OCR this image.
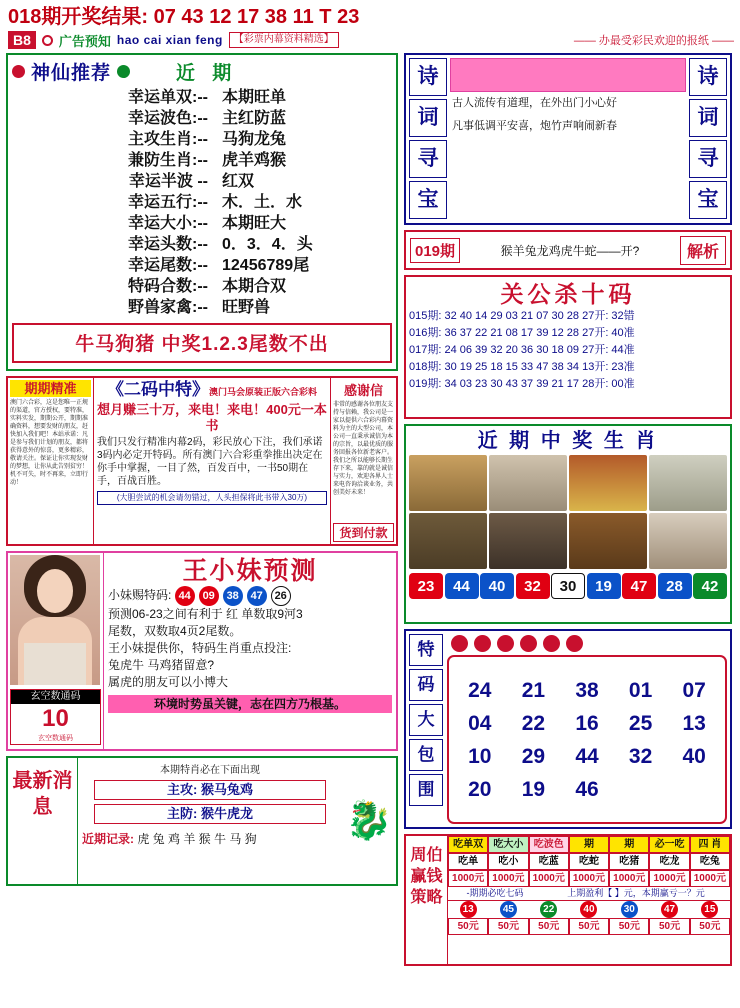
018期开奖结果: 07 43 12 17 38 11 T 23
B8	广告预知 hao cai xian feng	【彩票内幕资料精选】	—— 办最受彩民欢迎的报纸 ——
神仙推荐	近 期
幸运单双:-- 本期旺单
幸运波色:-- 主红防蓝
主攻生肖:-- 马狗龙兔
兼防生肖:-- 虎羊鸡猴
幸运半波 -- 红双
幸运五行:-- 木．土．水
幸运大小:-- 本期旺大
幸运头数:-- 0．3．4．头
幸运尾数:-- 12456789尾
特码合数:-- 本期合双
野兽家禽:-- 旺野兽
牛马狗猪 中奖1.2.3尾数不出
期期精准
澳门六合彩，这是您唯一正规的渠道，官方授权，要特准，实料实发，期期公开，期期准确资料，想要发财的朋友，赶快加入我们吧！本站承诺：凡是参与我们计划的朋友，都将获得意外的惊喜，更多精彩，敬请关注。保证让你实现发财的梦想，让你从此告别贫穷！机不可失，时不再来，立即行动！
《二码中特》澳门马会原装正版六合彩料
想月赚三十万，来电！来电！400元一本书
我们只发行精准内幕2码，彩民放心下注，我们承诺3码内必定开特码。所有澳门六合彩重拳推出决定在你手中掌握，一目了然，百发百中，一书50期在手，百战百胜。
(大胆尝试的机会请勿错过，人头担保将此书带入30万)
感谢信
非常的感谢各位朋友支持与信赖，我公司是一家以提供六合彩内幕资料为主的大型公司，本公司一直秉承诚信为本的宗旨，以最优质的服务回报各位新老客户。我们之所以能够长期生存下来，靠的就是诚信与实力，欢迎各界人士来电咨询洽谈业务，共创美好未来！
货到付款
玄空数通码
10
玄空数通码
王小妹预测
小妹赐特码: 44	09	38	47	26
预测06-23之间有利于 红 单数取9河3
尾数，双数取4页2尾数。
王小妹提供你，特码生肖重点投注:
兔虎牛 马鸡猪留意?
属虎的朋友可以小博大
环境时势虽关键，志在四方乃根基。
最新消息
本期特肖必在下面出现
主攻: 猴马兔鸡
主防: 猴牛虎龙
近期记录: 虎 兔 鸡 羊 猴 牛 马 狗	🐉
诗
词
寻
宝
古人流传有道理，在外出门小心好
凡事低调平安喜，炮竹声响闹新春
诗
词
寻
宝
019期	猴羊兔龙鸡虎牛蛇——开?	解析
关公杀十码
015期: 32 40 14 29 03 21 07 30 28 27开: 32错
016期: 36 37 22 21 08 17 39 12 28 27开: 40准
017期: 24 06 39 32 20 36 30 18 09 27开: 44准
018期: 30 19 25 18 15 33 47 38 34 13开: 23准
019期: 34 03 23 30 43 37 39 21 17 28开: 00准
近 期 中 奖 生 肖
23	44	40	32	30	19	47	28	42
特
码
大
包
围
24	21	38	01	07
04	22	16	25	13
10	29	44	32	40
20	19	46
周伯赢钱策略
吃单双	吃大小	吃波色	期	期	必一吃	四 肖
吃单	吃小	吃蓝	吃蛇	吃猪	吃龙	吃兔
1000元 1000元 1000元 1000元 1000元 1000元 1000元
-期期必吃七码	上期盈利【 】元，本期赢亏一？元
13	45	22	40	30	47	15
50元	50元	50元	50元	50元	50元	50元
